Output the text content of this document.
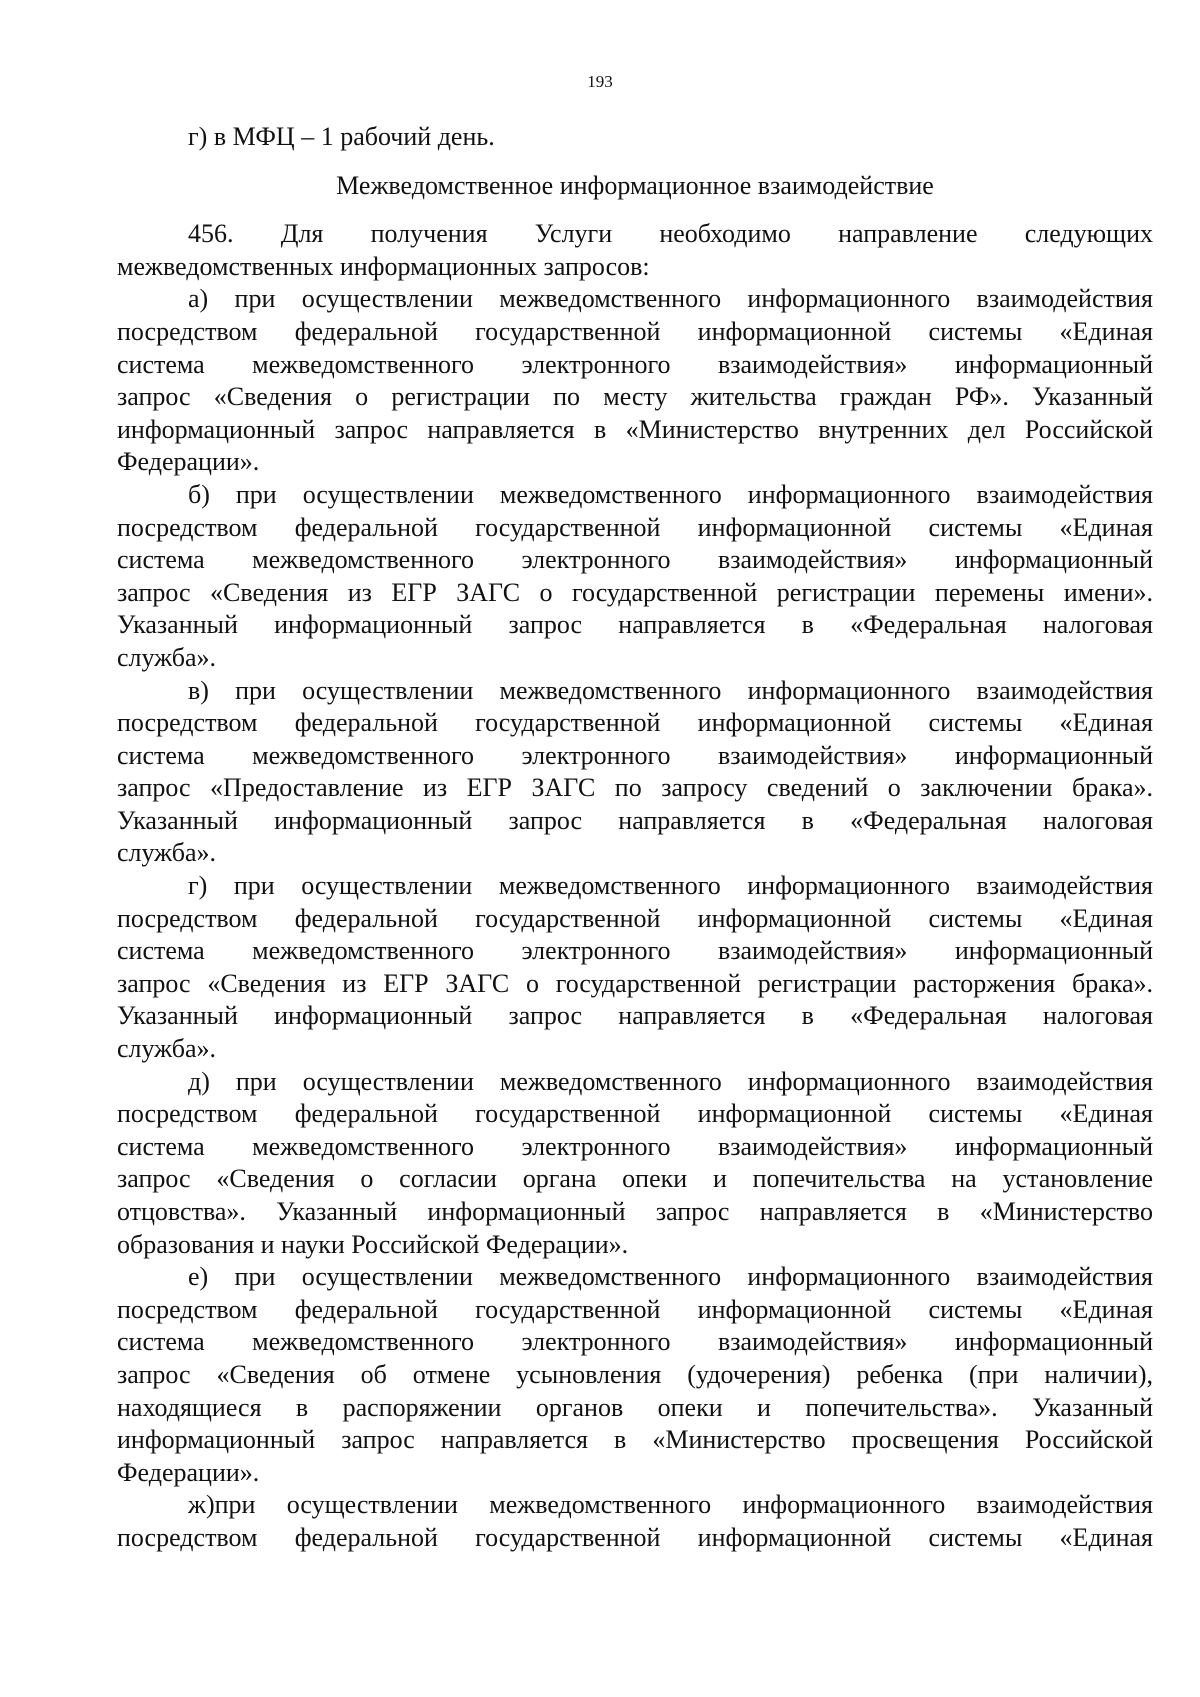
193
г) в МФЦ – 1 рабочий день.
Межведомственное информационное взаимодействие
456. Для получения Услуги необходимо направление следующих
межведомственных информационных запросов:
а) при осуществлении межведомственного информационного взаимодействия
посредством федеральной государственной информационной системы «Единая
система межведомственного электронного взаимодействия» информационный
запрос «Сведения о регистрации по месту жительства граждан РФ». Указанный
информационный запрос направляется в «Министерство внутренних дел Российской
Федерации».
б) при осуществлении межведомственного информационного взаимодействия
посредством федеральной государственной информационной системы «Единая
система межведомственного электронного взаимодействия» информационный
запрос «Сведения из ЕГР ЗАГС о государственной регистрации перемены имени».
Указанный информационный запрос направляется в «Федеральная налоговая
служба».
в) при осуществлении межведомственного информационного взаимодействия
посредством федеральной государственной информационной системы «Единая
система межведомственного электронного взаимодействия» информационный
запрос «Предоставление из ЕГР ЗАГС по запросу сведений о заключении брака».
Указанный информационный запрос направляется в «Федеральная налоговая
служба».
г) при осуществлении межведомственного информационного взаимодействия
посредством федеральной государственной информационной системы «Единая
система межведомственного электронного взаимодействия» информационный
запрос «Сведения из ЕГР ЗАГС о государственной регистрации расторжения брака».
Указанный информационный запрос направляется в «Федеральная налоговая
служба».
д) при осуществлении межведомственного информационного взаимодействия
посредством федеральной государственной информационной системы «Единая
система межведомственного электронного взаимодействия» информационный
запрос «Сведения о согласии органа опеки и попечительства на установление
отцовства». Указанный информационный запрос направляется в «Министерство
образования и науки Российской Федерации».
е) при осуществлении межведомственного информационного взаимодействия
посредством федеральной государственной информационной системы «Единая
система межведомственного электронного взаимодействия» информационный
запрос «Сведения об отмене усыновления (удочерения) ребенка (при наличии),
находящиеся в распоряжении органов опеки и попечительства». Указанный
информационный запрос направляется в «Министерство просвещения Российской
Федерации».
ж)при осуществлении межведомственного информационного взаимодействия
посредством федеральной государственной информационной системы «Единая
